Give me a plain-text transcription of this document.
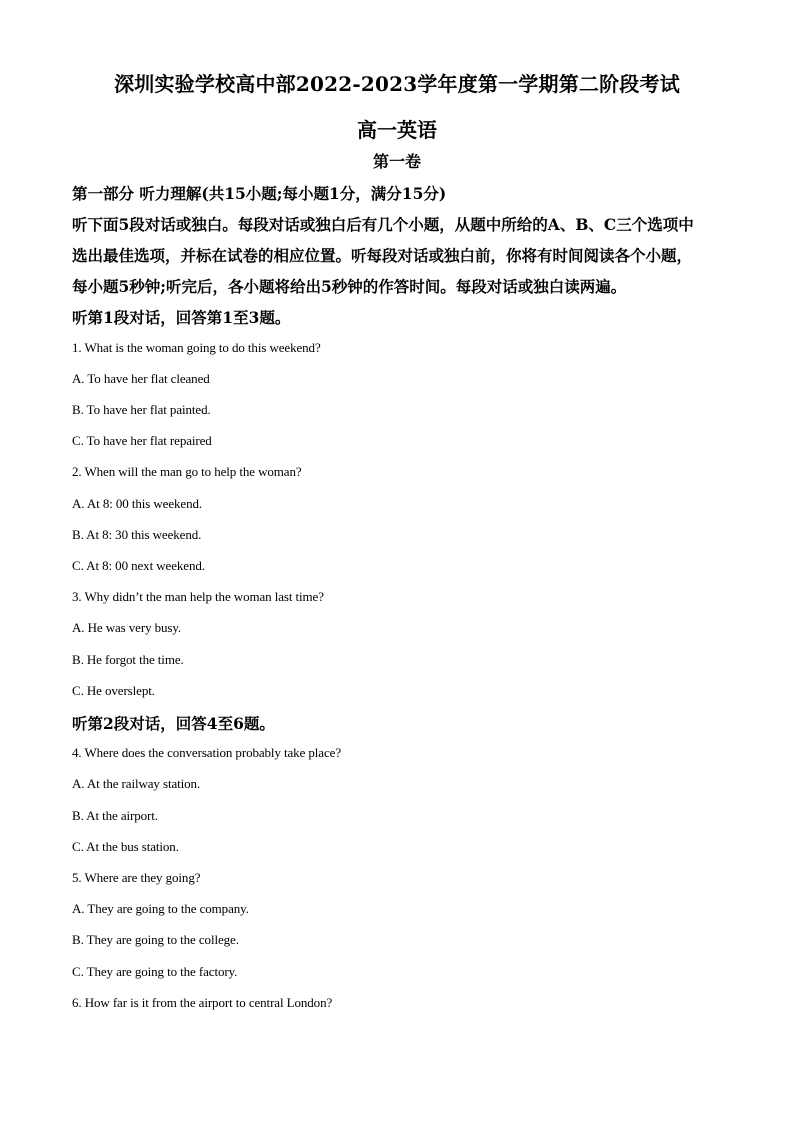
深圳实验学校高中部2022-2023学年度第一学期第二阶段考试
高一英语
第一卷
第一部分 听力理解(共15小题;每小题1分，满分15分)
听下面5段对话或独白。每段对话或独白后有几个小题，从题中所给的A、B、C三个选项中
选出最佳选项，并标在试卷的相应位置。听每段对话或独白前，你将有时间阅读各个小题，
每小题5秒钟;听完后，各小题将给出5秒钟的作答时间。每段对话或独白读两遍。
听第1段对话，回答第1至3题。
1. What is the woman going to do this weekend?
A. To have her flat cleaned
B. To have her flat painted.
C. To have her flat repaired
2. When will the man go to help the woman?
A. At 8: 00 this weekend.
B. At 8: 30 this weekend.
C. At 8: 00 next weekend.
3. Why didn’t the man help the woman last time?
A. He was very busy.
B. He forgot the time.
C. He overslept.
听第2段对话，回答4至6题。
4. Where does the conversation probably take place?
A. At the railway station.
B. At the airport.
C. At the bus station.
5. Where are they going?
A. They are going to the company.
B. They are going to the college.
C. They are going to the factory.
6. How far is it from the airport to central London?
